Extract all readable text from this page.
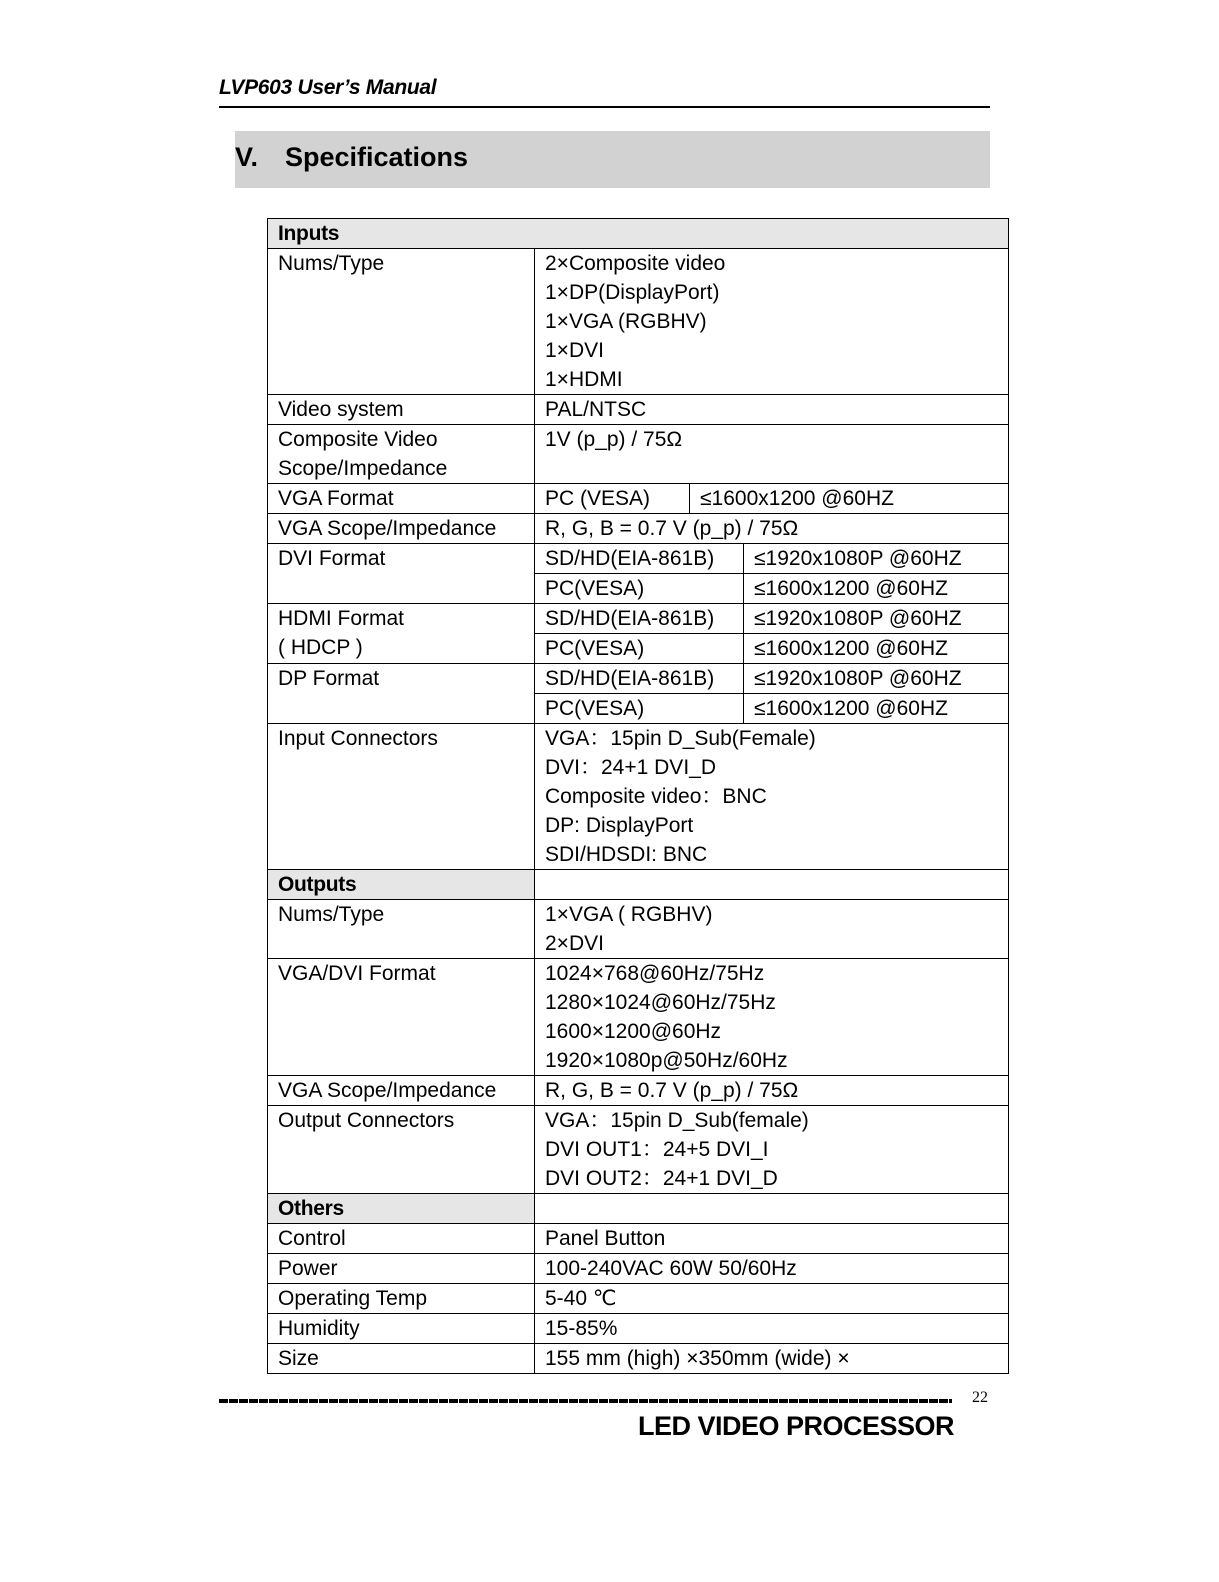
LVP603 User’s Manual
V. Specifications
Inputs			
Nums/Type	2×Composite video
1×DP(DisplayPort)
1×VGA (RGBHV)
1×DVI
1×HDMI		

Video system	PAL/NTSC		

Composite Video
Scope/Impedance	1V (p_p) / 75Ω		
VGA Format	PC (VESA)	≤1600x1200 @60HZ	
VGA Scope/Impedance	R, G, B = 0.7 V (p_p) / 75Ω		
DVI Format	SD/HD(EIA-861B)		≤1920x1080P @60HZ
	PC(VESA)		≤1600x1200 @60HZ

HDMI Format
( HDCP )	SD/HD(EIA-861B)		≤1920x1080P @60HZ
	PC(VESA)		≤1600x1200 @60HZ
DP Format	SD/HD(EIA-861B)		≤1920x1080P @60HZ
	PC(VESA)		≤1600x1200 @60HZ
Input Connectors	VGA：15pin D_Sub(Female)
DVI：24+1 DVI_D
Composite video：BNC
DP: DisplayPort
SDI/HDSDI: BNC		

Outputs			
Nums/Type	1×VGA ( RGBHV)
2×DVI		

VGA/DVI Format	1024×768@60Hz/75Hz
1280×1024@60Hz/75Hz
1600×1200@60Hz
1920×1080p@50Hz/60Hz		

VGA Scope/Impedance	R, G, B = 0.7 V (p_p) / 75Ω		
Output Connectors	VGA：15pin D_Sub(female)
DVI OUT1：24+5 DVI_I
DVI OUT2：24+1 DVI_D		

Others			
Control	Panel Button		
Power	100-240VAC 60W 50/60Hz		
Operating Temp	5-40 ℃		
Humidity	15-85%		
Size	155 mm (high) ×350mm (wide) ×		
22
LED VIDEO PROCESSOR
